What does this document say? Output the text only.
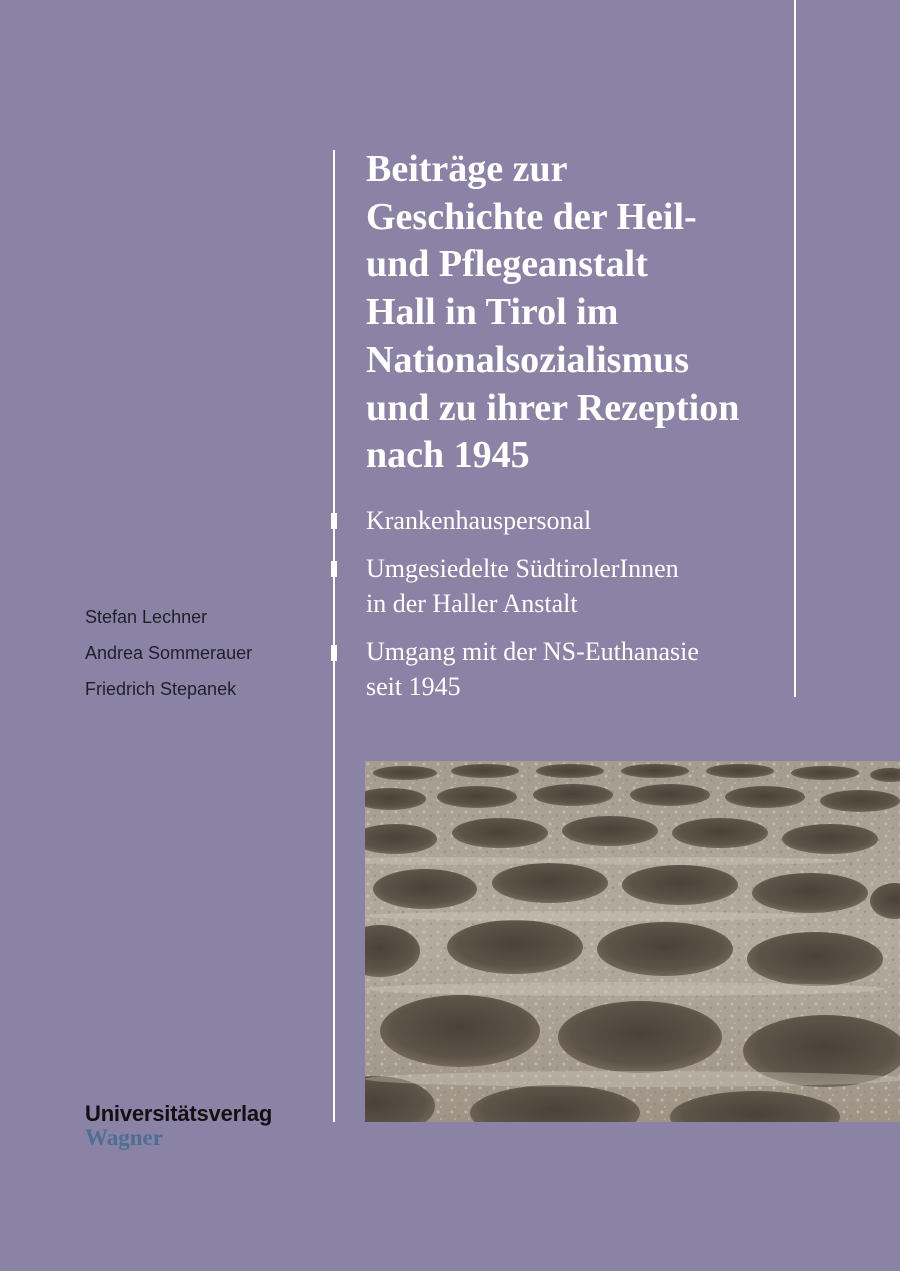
Beiträge zur
Geschichte der Heil-
und Pflegeanstalt
Hall in Tirol im
Nationalsozialismus
und zu ihrer Rezeption
nach 1945
Krankenhauspersonal
Umgesiedelte SüdtirolerInnen
in der Haller Anstalt
Umgang mit der NS-Euthanasie
seit 1945
Stefan Lechner
Andrea Sommerauer
Friedrich Stepanek
Universitätsverlag
Wagner
